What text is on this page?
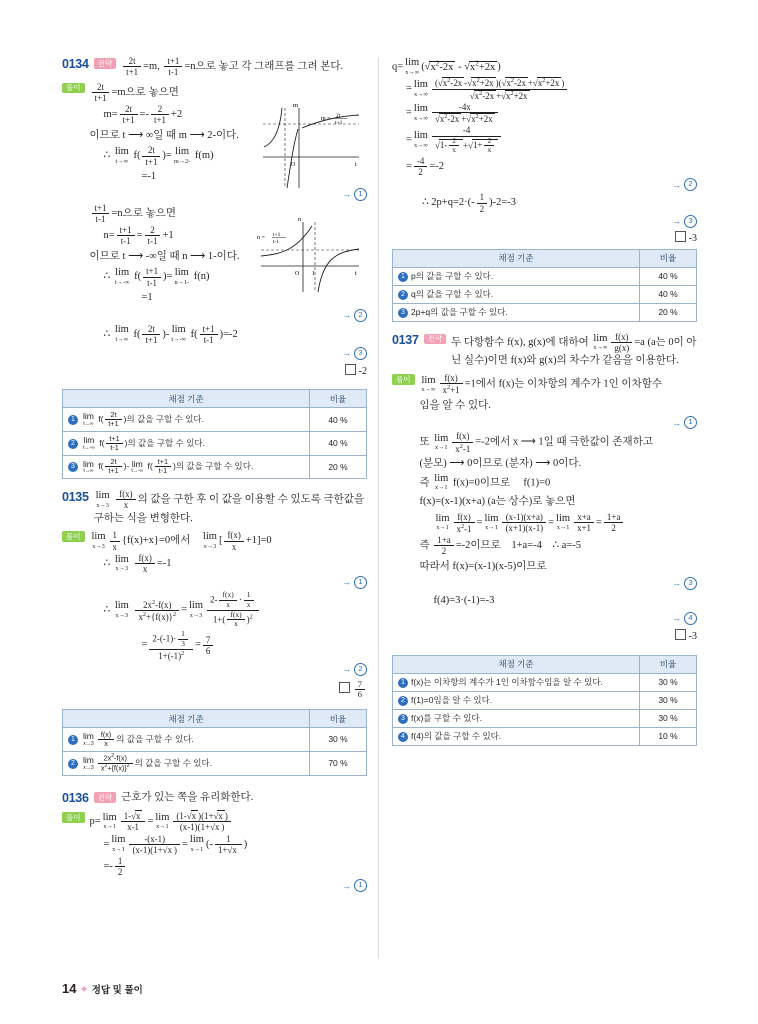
0134	전략	$\frac{2t}{t+1} =m$, $\frac{t+1}{t-1} =n$으로 놓고 각 그래프를 그려 본다.
풀이	$\frac{2t}{t+1} =m$으로 놓으면
$m= \frac{2t}{t+1} =- \frac{2}{t+1} +2$
이므로 t ⟶ ∞일 때 m ⟶ 2-이다.
∴ lim
t→∞ $f( \frac{2t}{t+1}$ )= lim
m→2- f(m)
=-1
→ 1
$\frac{t+1}{t-1} =n$으로 놓으면
$n= \frac{t+1}{t-1} = \frac{2}{t-1} +1$
이므로 t ⟶ -∞일 때 n ⟶ 1-이다.
∴ lim
t→-∞ $f( \frac{t+1}{t-1}$ )= lim
n→1- f(n)
=1
→ 2
∴ lim
t→∞ $f( \frac{2t}{t+1}$ )- lim
t→-∞ $f( \frac{t+1}{t-1} )=-2$
→ 3
-2
채점 기준	비율
1 lim
t→∞ $f( \frac{2t}{t+1}$ )의 값을 구할 수 있다.	40 %
2 lim
t→-∞ $f( \frac{t+1}{t-1}$ )의 값을 구할 수 있다.	40 %
3 lim
t→∞ $f( \frac{2t}{t+1}$ )- lim
t→-∞ $f( \frac{t+1}{t-1}$ )의 값을 구할 수 있다.	20 %
0135 lim
x→3
$\frac{f(x)}{x}$ 의 값을 구한 후 이 값을 이용할 수 있도록 극한값을 구하는 식을 변형한다.
풀이	lim
$x\to 3 \frac{1}{x} \{f(x)+x\}=0$에서 lim
x→3 [ $\frac{f(x)}{x} +1]=0$
∴ lim
x→3
$\frac{f(x)}{x} =-1$
→ 1
∴ lim
x→3
$\frac{2x^2-f(x)}{x^2+\{f(x)\}^2} = \lim$
$x\to 3 \frac{2- \frac{f(x)}{x} \cdot \frac{1}{x}}{1+( \frac{f(x)}{x} )^2}$
= $\frac{2-(-1)\cdot \frac{1}{3}}{1+(-1)^2} = \frac{7}{6}$
→ 2
$\frac{7}{6}$
채점 기준	비율
1 lim
$x\to 3 \frac{f(x)}{x}$ 의 값을 구할 수 있다.	30 %
2 lim
$x\to 3 \frac{2x^2-f(x)}{x^2+\{f(x)\}^2}$ 의 값을 구할 수 있다.	70 %
0136	전략 근호가 있는 쪽을 유리화한다.
풀이 p= lim
$x\to 1 \frac{1-√x}{x-1} = \lim$
$x\to 1 \frac{(1-√x )(1+√x )}{(x-1)(1+√x )}$
= lim
$x\to 1 \frac{-(x-1)}{(x-1)(1+√x )} = \lim$
x→1 (- $\frac{1}{1+√x}$ )
=- $\frac{1}{2}$
→ 1
q= lim
x→∞ ($√x^2-2x - √x^2+2x$ )
= lim
$x\to\infty \frac{(√x^2-2x -√x^2+2x )(√x^2-2x +√x^2+2x )}{√x^2-2x +√x^2+2x}$
= lim
$x\to\infty \frac{-4x}{√x^2-2x +√x^2+2x}$
= lim
$x\to\infty \frac{-4}{√1- \frac{2}{x} +√1+ \frac{2}{x}}$
= $\frac{-4}{2} =-2$
→ 2
∴ $2p+q=2\cdot(- \frac{1}{2} )-2=-3$
→ 3
-3
채점 기준	비율
1 p의 값을 구할 수 있다.	40 %
2 q의 값을 구할 수 있다.	40 %
3 2p+q의 값을 구할 수 있다.	20 %
0137	전략 두 다항함수 f(x), g(x)에 대하여 lim
$x\to\infty \frac{f(x)}{g(x)} =a$ (a는 0이 아닌 실수)이면 f(x)와 g(x)의 차수가 같음을 이용한다.
풀이	lim
$x\to\infty \frac{f(x)}{x^2+1} =1$에서 f(x)는 이차항의 계수가 1인 이차함수
임을 알 수 있다.
→ 1
또 lim
$x\to 1 \frac{f(x)}{x^2-1} =-2$에서 x ⟶ 1일 때 극한값이 존재하고
(분모) ⟶ 0이므로 (분자) ⟶ 0이다.
즉 lim
x→1 f(x)=0이므로     f(1)=0
f(x)=(x-1)(x+a) (a는 상수)로 놓으면
lim
$x\to 1 \frac{f(x)}{x^2-1} = \lim$
$x\to 1 \frac{(x-1)(x+a)}{(x+1)(x-1)} = \lim$
$x\to 1 \frac{x+a}{x+1} = \frac{1+a}{2}$
즉 $\frac{1+a}{2} =-2$이므로    1+a=-4    ∴ a=-5
따라서 f(x)=(x-1)(x-5)이므로
→ 3
f(4)=3·(-1)=-3
→ 4
-3
채점 기준	비율
1 f(x)는 이차항의 계수가 1인 이차함수임을 알 수 있다.	30 %
2 f(1)=0임을 알 수 있다.	30 %
3 f(x)를 구할 수 있다.	30 %
4 f(4)의 값을 구할 수 있다.	10 %
m
t
O
m = 2t
t+1
n
t
O 1
n = t+1
t-1
14 ✦ 정답 및 풀이
